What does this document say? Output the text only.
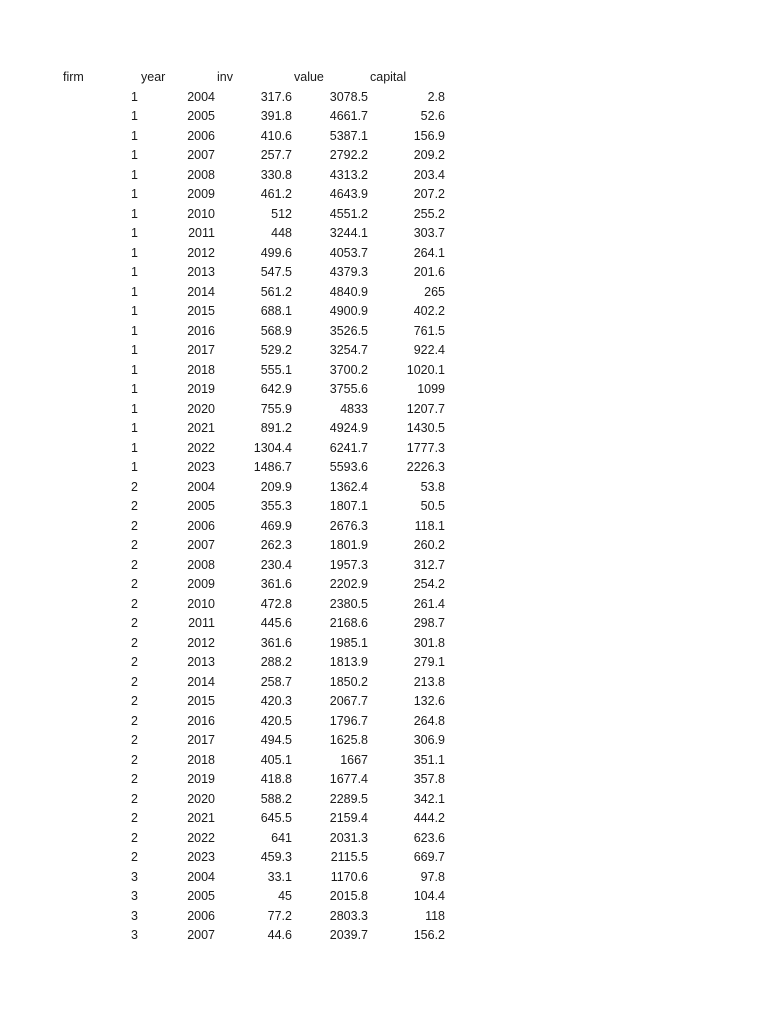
firm	year	inv	value	capital
1	2004	317.6	3078.5	2.8
1	2005	391.8	4661.7	52.6
1	2006	410.6	5387.1	156.9
1	2007	257.7	2792.2	209.2
1	2008	330.8	4313.2	203.4
1	2009	461.2	4643.9	207.2
1	2010	512	4551.2	255.2
1	2011	448	3244.1	303.7
1	2012	499.6	4053.7	264.1
1	2013	547.5	4379.3	201.6
1	2014	561.2	4840.9	265
1	2015	688.1	4900.9	402.2
1	2016	568.9	3526.5	761.5
1	2017	529.2	3254.7	922.4
1	2018	555.1	3700.2	1020.1
1	2019	642.9	3755.6	1099
1	2020	755.9	4833	1207.7
1	2021	891.2	4924.9	1430.5
1	2022	1304.4	6241.7	1777.3
1	2023	1486.7	5593.6	2226.3
2	2004	209.9	1362.4	53.8
2	2005	355.3	1807.1	50.5
2	2006	469.9	2676.3	118.1
2	2007	262.3	1801.9	260.2
2	2008	230.4	1957.3	312.7
2	2009	361.6	2202.9	254.2
2	2010	472.8	2380.5	261.4
2	2011	445.6	2168.6	298.7
2	2012	361.6	1985.1	301.8
2	2013	288.2	1813.9	279.1
2	2014	258.7	1850.2	213.8
2	2015	420.3	2067.7	132.6
2	2016	420.5	1796.7	264.8
2	2017	494.5	1625.8	306.9
2	2018	405.1	1667	351.1
2	2019	418.8	1677.4	357.8
2	2020	588.2	2289.5	342.1
2	2021	645.5	2159.4	444.2
2	2022	641	2031.3	623.6
2	2023	459.3	2115.5	669.7
3	2004	33.1	1170.6	97.8
3	2005	45	2015.8	104.4
3	2006	77.2	2803.3	118
3	2007	44.6	2039.7	156.2
